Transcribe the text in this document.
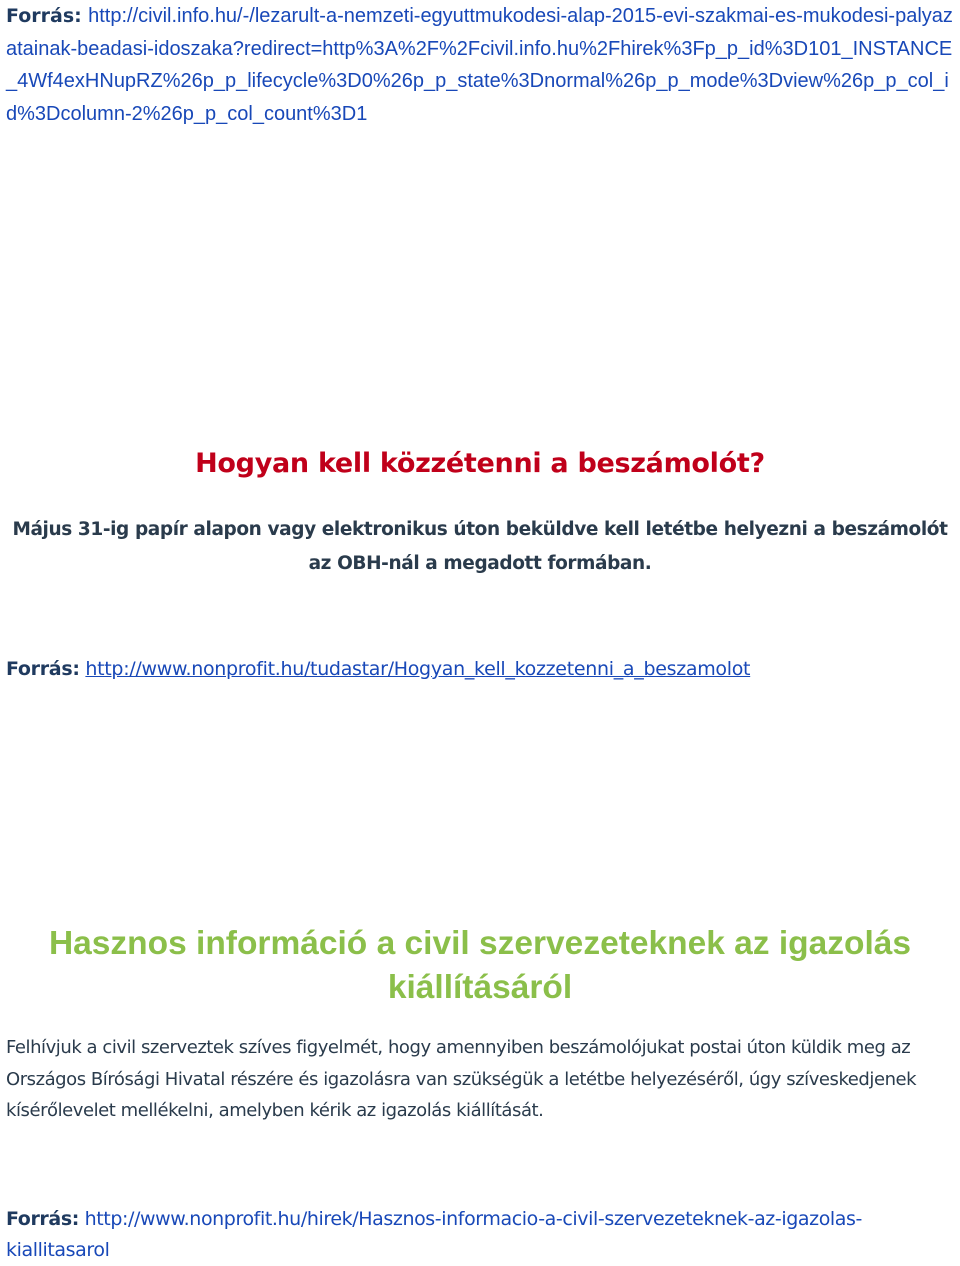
Forrás: http://civil.info.hu/-/lezarult-a-nemzeti-egyuttmukodesi-alap-2015-evi-szakmai-es-mukodesi-palyazatainak-beadasi-idoszaka?redirect=http%3A%2F%2Fcivil.info.hu%2Fhirek%3Fp_p_id%3D101_INSTANCE_4Wf4exHNupRZ%26p_p_lifecycle%3D0%26p_p_state%3Dnormal%26p_p_mode%3Dview%26p_p_col_id%3Dcolumn-2%26p_p_col_count%3D1
Hogyan kell közzétenni a beszámolót?
Május 31-ig papír alapon vagy elektronikus úton beküldve kell letétbe helyezni a beszámolót az OBH-nál a megadott formában.
Forrás: http://www.nonprofit.hu/tudastar/Hogyan_kell_kozzetenni_a_beszamolot
Hasznos információ a civil szervezeteknek az igazolás kiállításáról
Felhívjuk a civil szerveztek szíves figyelmét, hogy amennyiben beszámolójukat postai úton küldik meg az Országos Bírósági Hivatal részére és igazolásra van szükségük a letétbe helyezéséről, úgy szíveskedjenek kísérőlevelet mellékelni, amelyben kérik az igazolás kiállítását.
Forrás: http://www.nonprofit.hu/hirek/Hasznos-informacio-a-civil-szervezeteknek-az-igazolas-kiallitasarol
